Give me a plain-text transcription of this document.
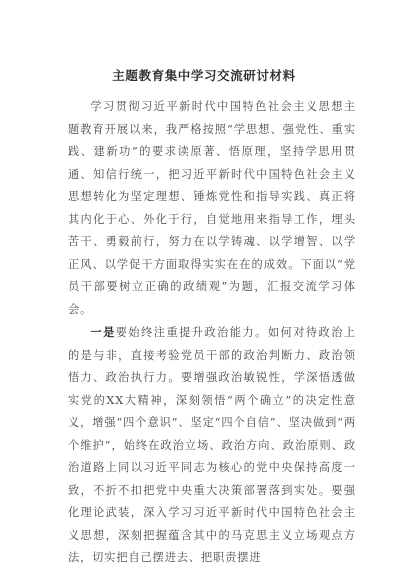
主题教育集中学习交流研讨材料

学习贯彻习近平新时代中国特色社会主义思想主题教育开展以来，我严格按照“学思想、强党性、重实践、建新功”的要求读原著、悟原理，坚持学思用贯通、知信行统一，把习近平新时代中国特色社会主义思想转化为坚定理想、锤炼党性和指导实践、真正将其内化于心、外化于行，自觉地用来指导工作，埋头苦干、勇毅前行，努力在以学铸魂、以学增智、以学正风、以学促干方面取得实实在在的成效。下面以“党员干部要树立正确的政绩观”为题，汇报交流学习体会。

一是要始终注重提升政治能力。如何对待政治上的是与非，直接考验党员干部的政治判断力、政治领悟力、政治执行力。要增强政治敏锐性，学深悟透做实党的XX大精神，深刻领悟“两个确立”的决定性意义，增强“四个意识”、坚定“四个自信”、坚决做到“两个维护”，始终在政治立场、政治方向、政治原则、政治道路上同以习近平同志为核心的党中央保持高度一致，不折不扣把党中央重大决策部署落到实处。要强化理论武装，深入学习习近平新时代中国特色社会主义思想，深刻把握蕴含其中的马克思主义立场观点方法，切实把自己摆进去、把职责摆进
